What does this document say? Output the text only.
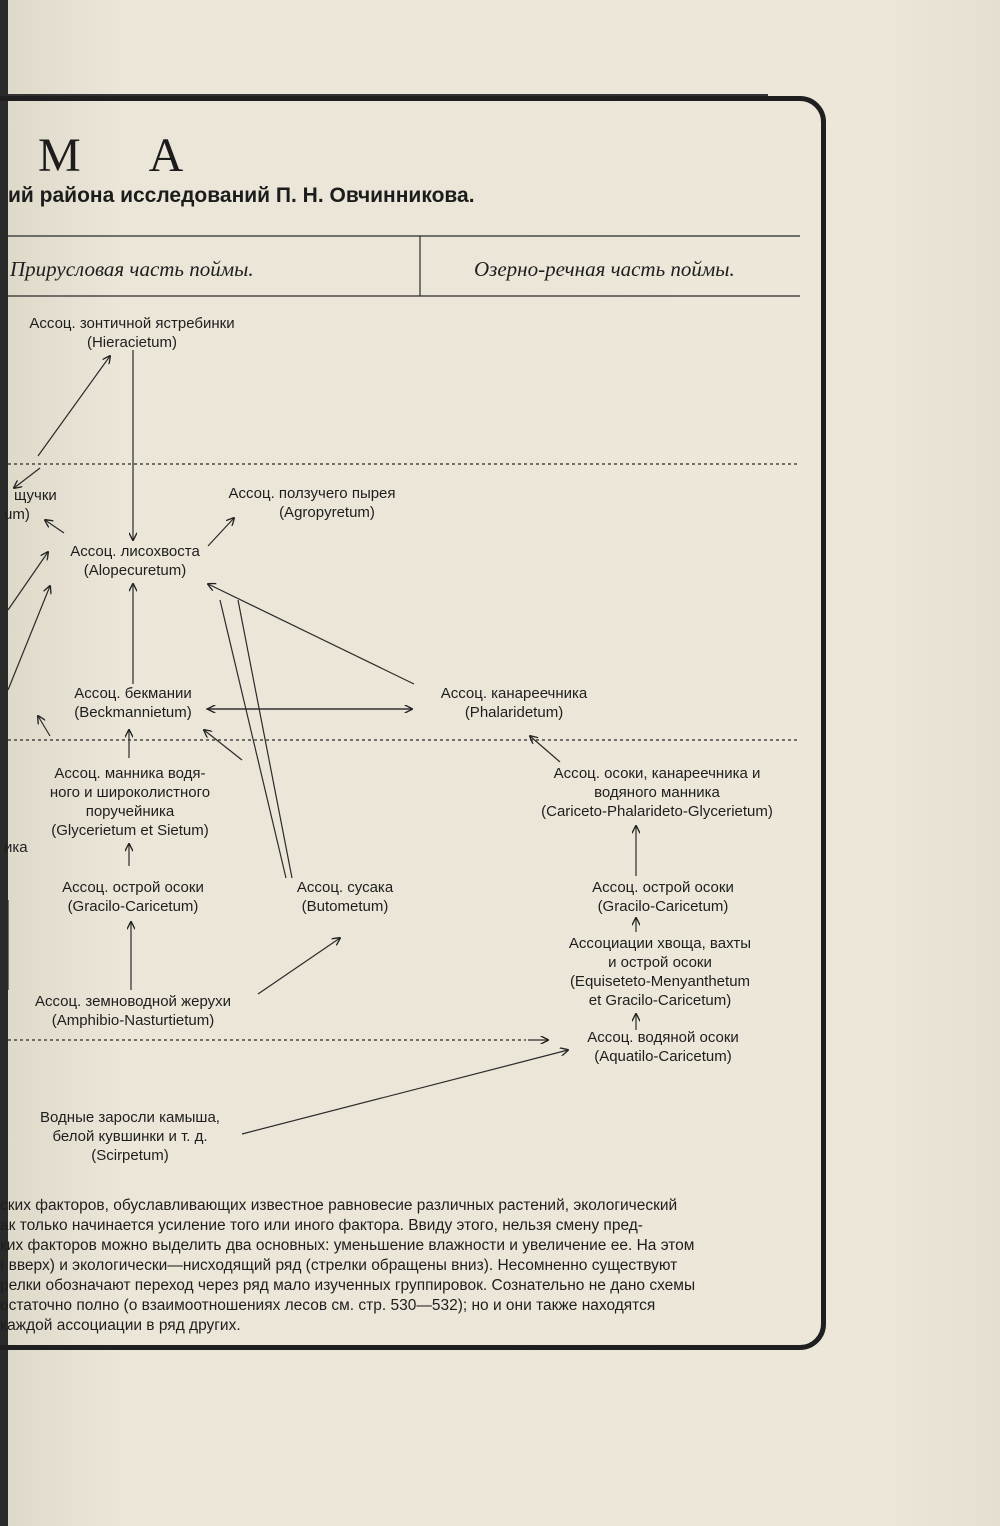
М А
ий района исследований П. Н. Овчинникова.
Прирусловая часть поймы.	Озерно-речная часть поймы.
Ассоц. зонтичной ястребинки
(Hieracietum)
щучки
um)
Ассоц. ползучего пырея
(Agropyretum)
Ассоц. лисохвоста
(Alopecuretum)
Ассоц. бекмании
(Beckmannietum)
Ассоц. канареечника
(Phalaridetum)
Ассоц. манника водя-
ного и широколистного
поручейника
(Glycerietum et Sietum)
Ассоц. осоки, канареечника и
водяного манника
(Cariceto-Phalarideto-Glycerietum)
ика
Ассоц. острой осоки
(Gracilo-Caricetum)
Ассоц. сусака
(Butometum)
Ассоц. острой осоки
(Gracilo-Caricetum)
Ассоциации хвоща, вахты
и острой осоки
(Equiseteto-Menyanthetum
et Gracilo-Caricetum)
Ассоц. земноводной жерухи
(Amphibio-Nasturtietum)
Ассоц. водяной осоки
(Aquatilo-Caricetum)
Водные заросли камыша,
белой кувшинки и т. д.
(Scirpetum)
ских факторов, обуславливающих известное равновесие различных растений, экологический
ак только начинается усиление того или иного фактора. Ввиду этого, нельзя смену пред-
ких факторов можно выделить два основных: уменьшение влажности и увеличение ее. На этом
ı вверх) и экологически—нисходящий ряд (стрелки обращены вниз). Несомненно существуют
релки обозначают переход через ряд мало изученных группировок. Сознательно не дано схемы
остаточно полно (о взаимоотношениях лесов см. стр. 530—532); но и они также находятся
каждой ассоциации в ряд других.
